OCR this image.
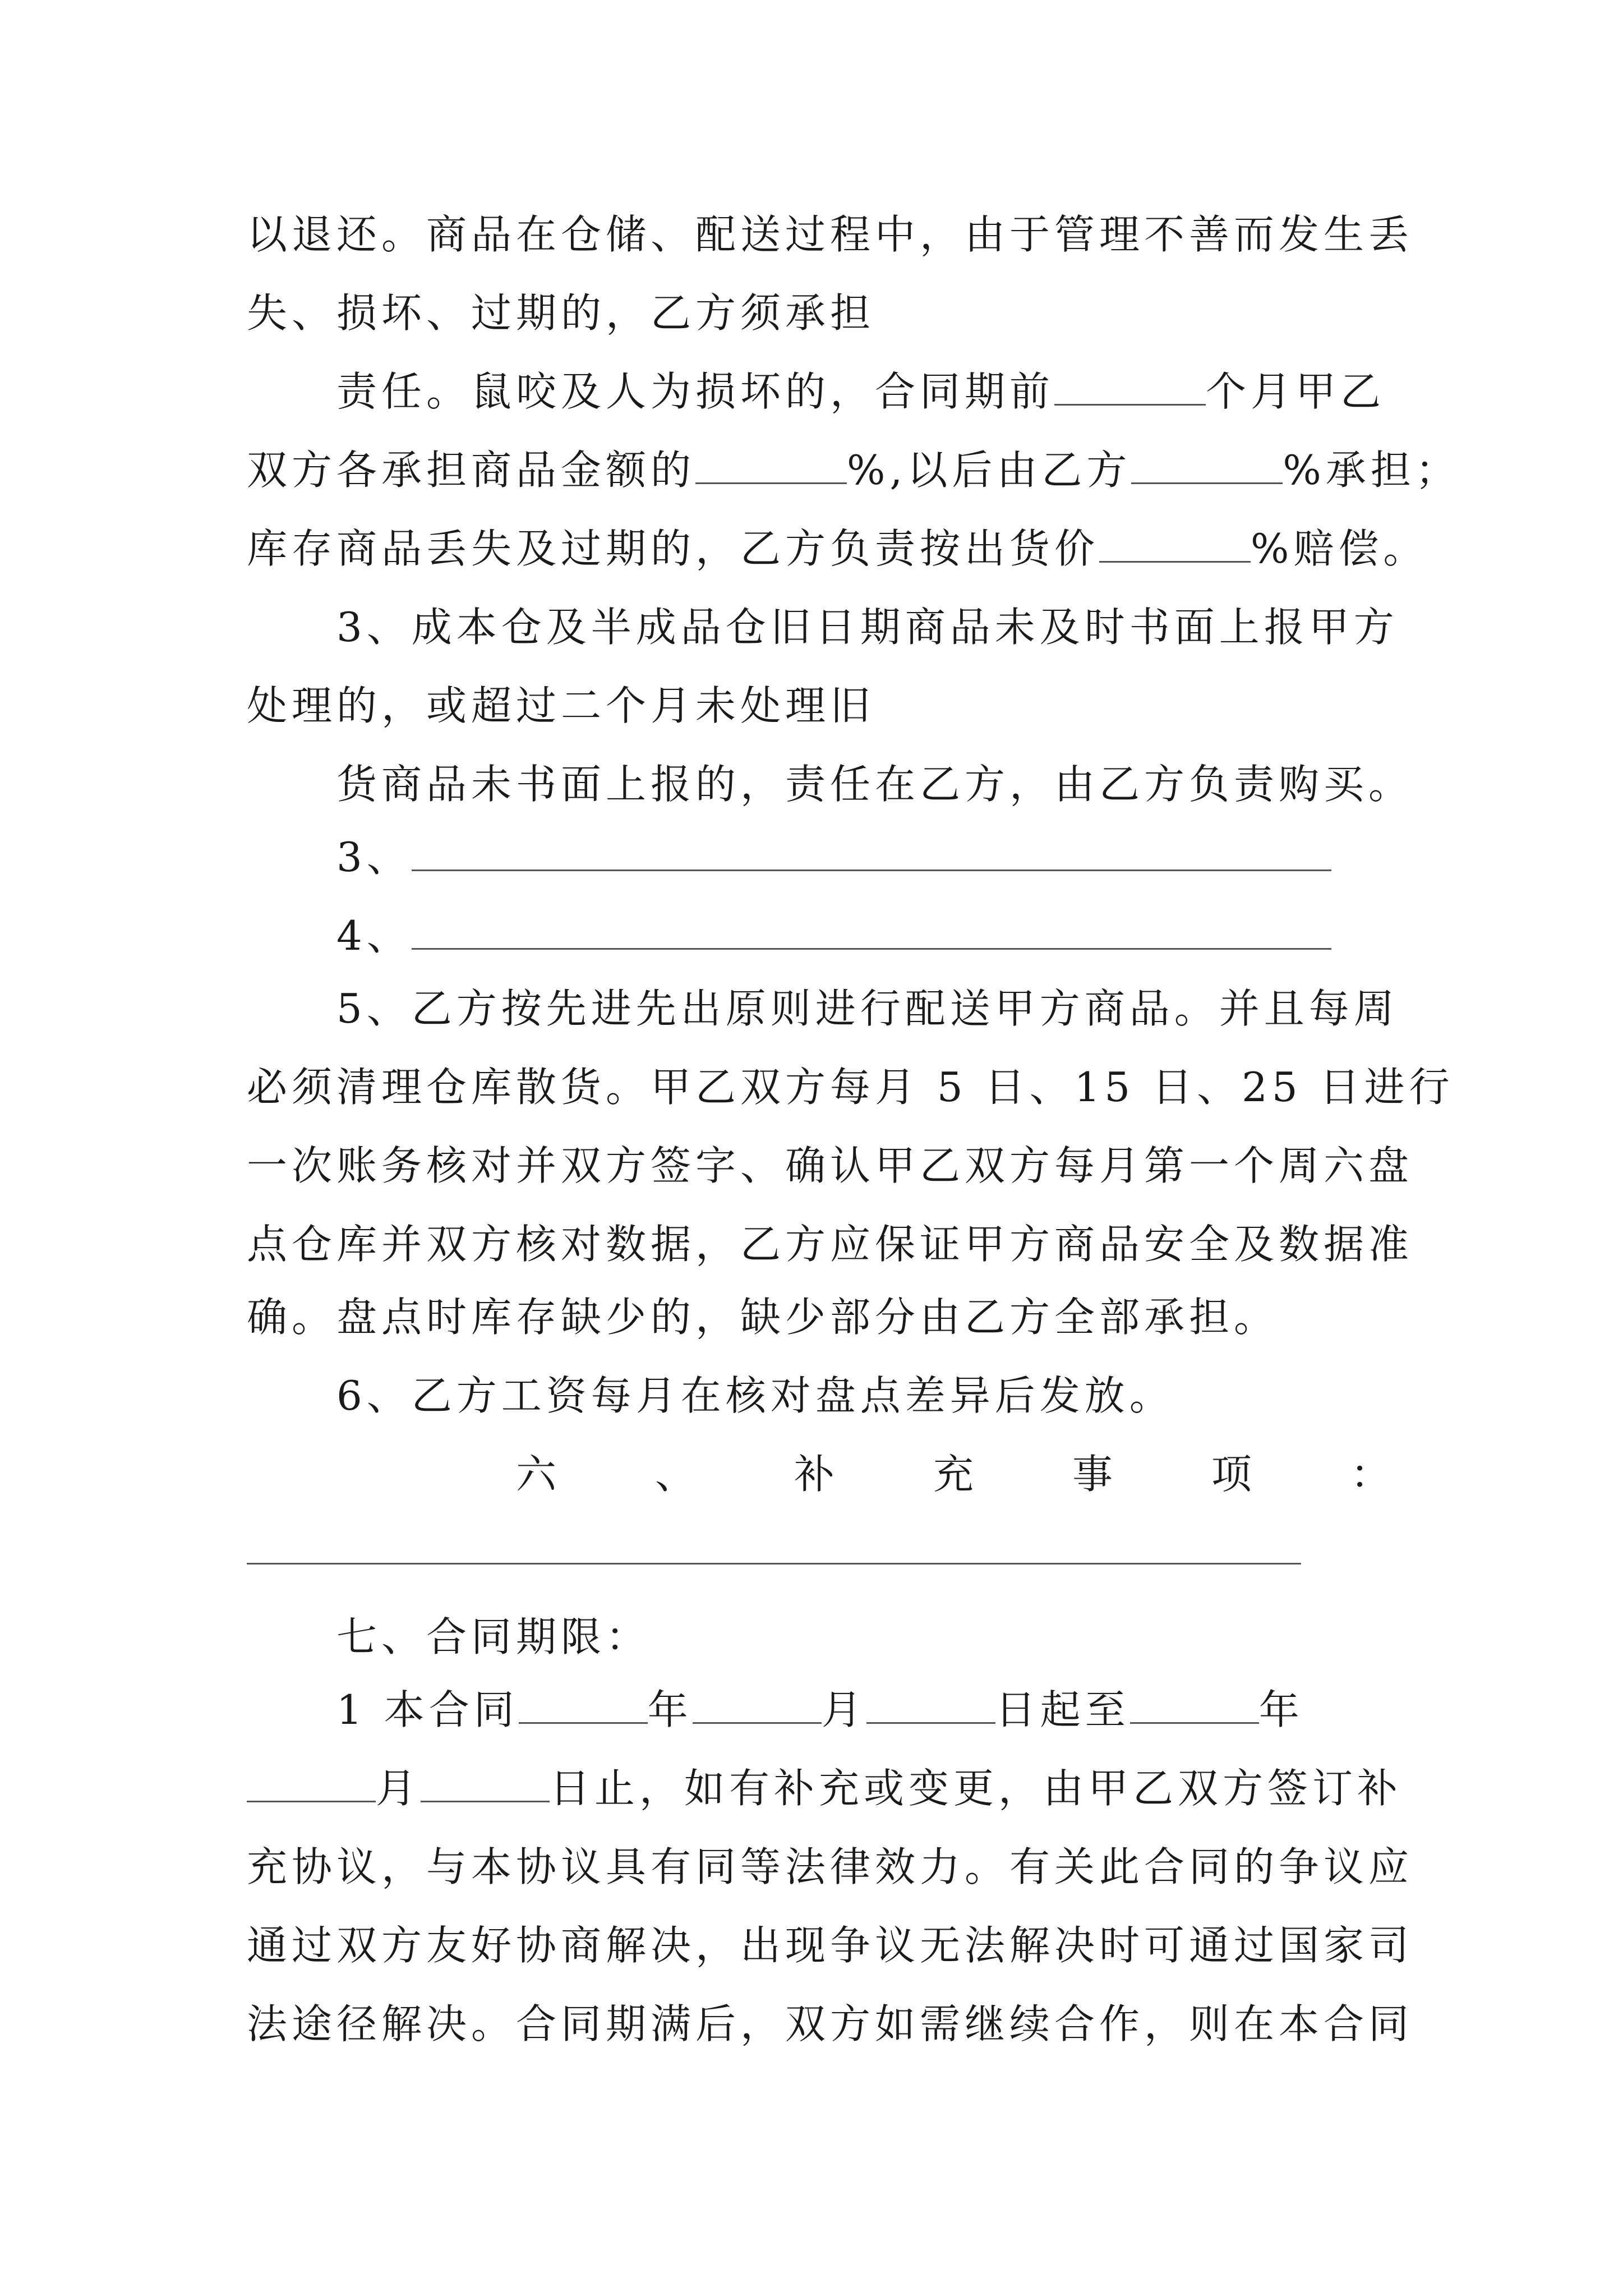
以退还。商品在仓储、配送过程中，由于管理不善而发生丢
失、损坏、过期的，乙方须承担
责任。鼠咬及人为损坏的，合同期前	个月甲乙
双方各承担商品金额的	%,以后由乙方	%承担；
库存商品丢失及过期的，乙方负责按出货价	%赔偿。
3、成本仓及半成品仓旧日期商品未及时书面上报甲方
处理的，或超过二个月未处理旧
货商品未书面上报的，责任在乙方，由乙方负责购买。
3、
4、
5、乙方按先进先出原则进行配送甲方商品。并且每周
必须清理仓库散货。甲乙双方每月 5 日、15 日、25 日进行
一次账务核对并双方签字、确认甲乙双方每月第一个周六盘
点仓库并双方核对数据，乙方应保证甲方商品安全及数据准
确。盘点时库存缺少的，缺少部分由乙方全部承担。
6、乙方工资每月在核对盘点差异后发放。
六 、 补 充 事 项 ：
七、合同期限：
1 本合同	年	月	日起至	年
月	日止，如有补充或变更，由甲乙双方签订补
充协议，与本协议具有同等法律效力。有关此合同的争议应
通过双方友好协商解决，出现争议无法解决时可通过国家司
法途径解决。合同期满后，双方如需继续合作，则在本合同
